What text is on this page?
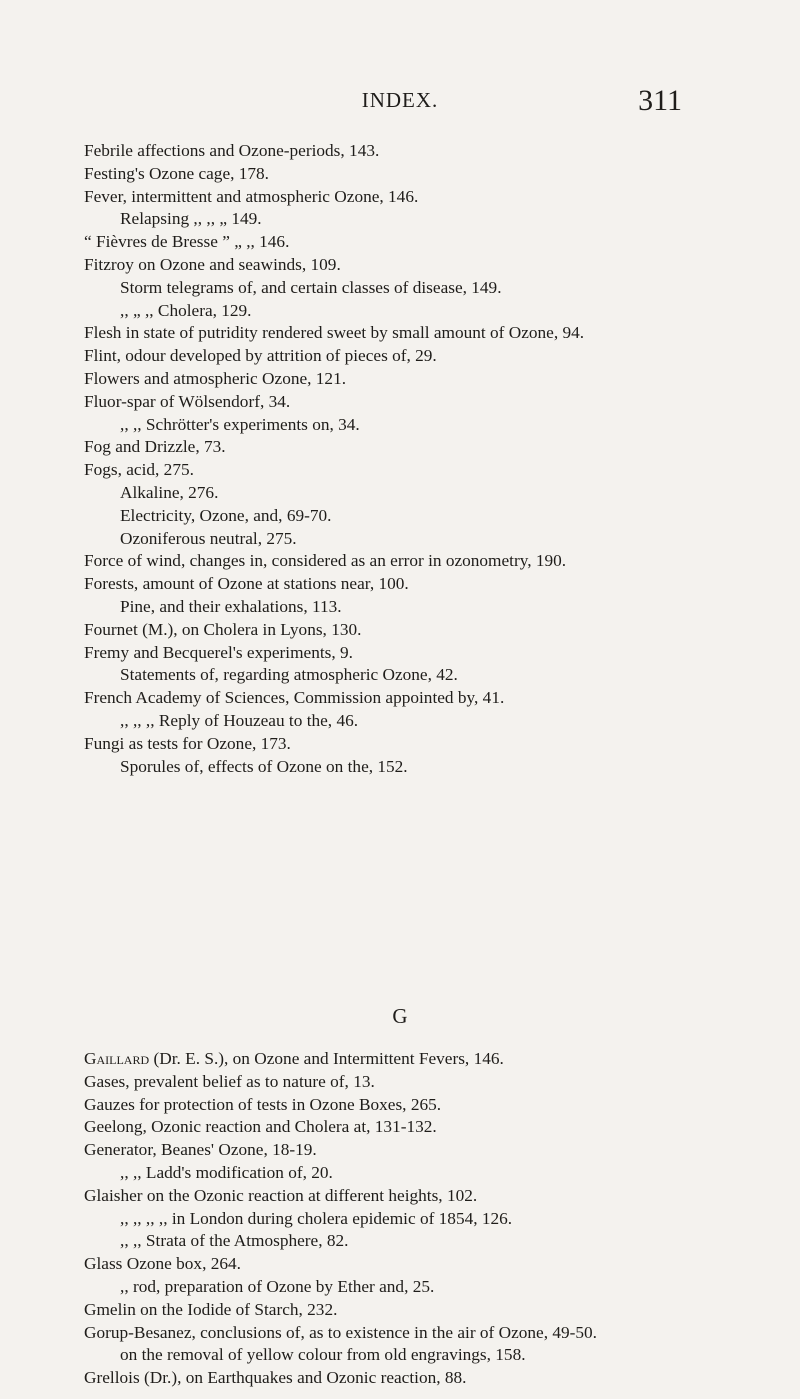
INDEX.	311
Febrile affections and Ozone-periods, 143.
Festing's Ozone cage, 178.
Fever, intermittent and atmospheric Ozone, 146.
Relapsing ,, ,, „ 149.
“ Fièvres de Bresse ” „ ,, 146.
Fitzroy on Ozone and seawinds, 109.
Storm telegrams of, and certain classes of disease, 149.
,, „ ,, Cholera, 129.
Flesh in state of putridity rendered sweet by small amount of Ozone, 94.
Flint, odour developed by attrition of pieces of, 29.
Flowers and atmospheric Ozone, 121.
Fluor-spar of Wölsendorf, 34.
,, ,, Schrötter's experiments on, 34.
Fog and Drizzle, 73.
Fogs, acid, 275.
Alkaline, 276.
Electricity, Ozone, and, 69-70.
Ozoniferous neutral, 275.
Force of wind, changes in, considered as an error in ozonometry, 190.
Forests, amount of Ozone at stations near, 100.
Pine, and their exhalations, 113.
Fournet (M.), on Cholera in Lyons, 130.
Fremy and Becquerel's experiments, 9.
Statements of, regarding atmospheric Ozone, 42.
French Academy of Sciences, Commission appointed by, 41.
,, ,, ,, Reply of Houzeau to the, 46.
Fungi as tests for Ozone, 173.
Sporules of, effects of Ozone on the, 152.
G
Gaillard (Dr. E. S.), on Ozone and Intermittent Fevers, 146.
Gases, prevalent belief as to nature of, 13.
Gauzes for protection of tests in Ozone Boxes, 265.
Geelong, Ozonic reaction and Cholera at, 131-132.
Generator, Beanes' Ozone, 18-19.
,, ,, Ladd's modification of, 20.
Glaisher on the Ozonic reaction at different heights, 102.
,, ,, ,, ,, in London during cholera epidemic of 1854, 126.
,, ,, Strata of the Atmosphere, 82.
Glass Ozone box, 264.
,, rod, preparation of Ozone by Ether and, 25.
Gmelin on the Iodide of Starch, 232.
Gorup-Besanez, conclusions of, as to existence in the air of Ozone, 49-50.
on the removal of yellow colour from old engravings, 158.
Grellois (Dr.), on Earthquakes and Ozonic reaction, 88.
